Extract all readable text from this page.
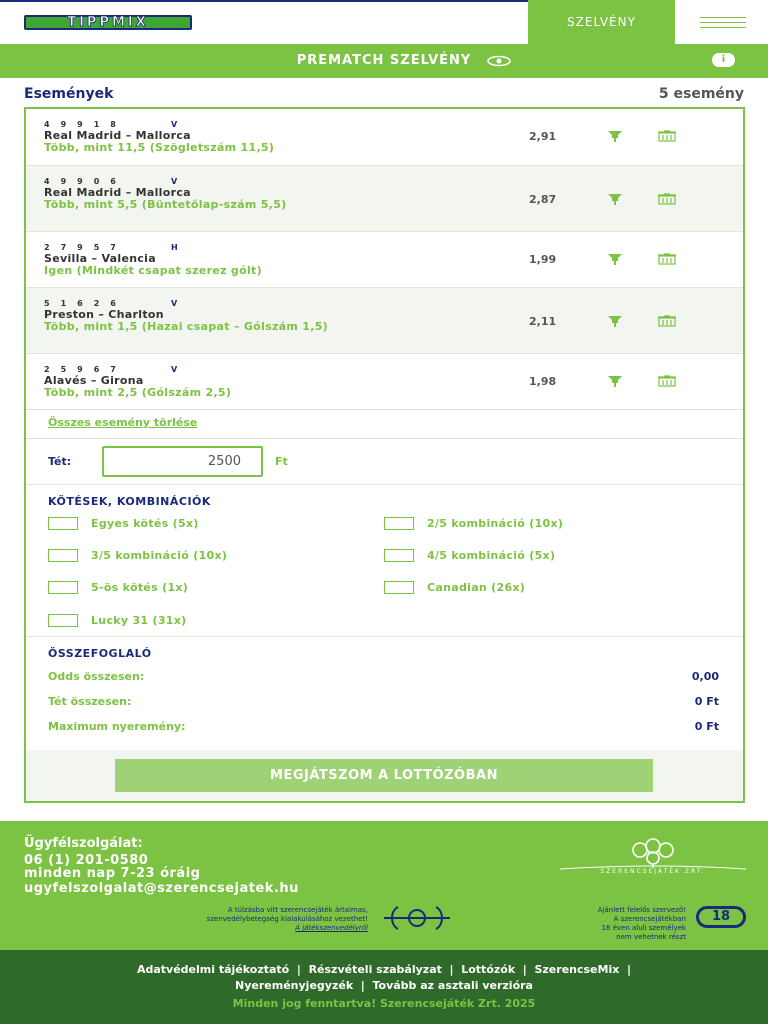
TIPPMIX	SZELVÉNY
PREMATCH SZELVÉNY	i
Események	5 esemény
49918	V
Real Madrid – Mallorca
Több, mint 11,5 (Szögletszám 11,5)
2,91
49906	V
Real Madrid – Mallorca
Több, mint 5,5 (Büntetőlap-szám 5,5)	2,87
27957	H
Sevilla – Valencia
Igen (Mindkét csapat szerez gólt)
1,99
51626	V
Preston – Charlton
Több, mint 1,5 (Hazai csapat – Gólszám 1,5)	2,11
25967	V
Alavés – Girona
Több, mint 2,5 (Gólszám 2,5)
1,98
Összes esemény törlése
Tét:	2500	Ft
KÖTÉSEK, KOMBINÁCIÓK
Egyes kötés (5x)	2/5 kombináció (10x)
3/5 kombináció (10x)	4/5 kombináció (5x)
5-ös kötés (1x)	Canadian (26x)
Lucky 31 (31x)
ÖSSZEFOGLALÓ
Odds összesen:	0,00
Tét összesen:	0 Ft
Maximum nyeremény:	0 Ft
MEGJÁTSZOM A LOTTÓZÓBAN
Ügyfélszolgálat:
06 (1) 201-0580
minden nap 7-23 óráig
ugyfelszolgalat@szerencsejatek.hu
SZERENCSEJÁTÉK ZRT.
A túlzásba vitt szerencsejáték ártalmas,
szenvedélybetegség kialakulásához vezethet!
A játékszenvedélyről
Ajánlett felelős szervező!
A szerencsejátékban
18 éven aluli személyek
nem vehetnek részt
18
Adatvédelmi tájékoztató  |  Részvételi szabályzat  |  Lottózók  |  SzerencseMix  |
Nyereményjegyzék  |  Tovább az asztali verzióra
Minden jog fenntartva! Szerencsejáték Zrt. 2025
